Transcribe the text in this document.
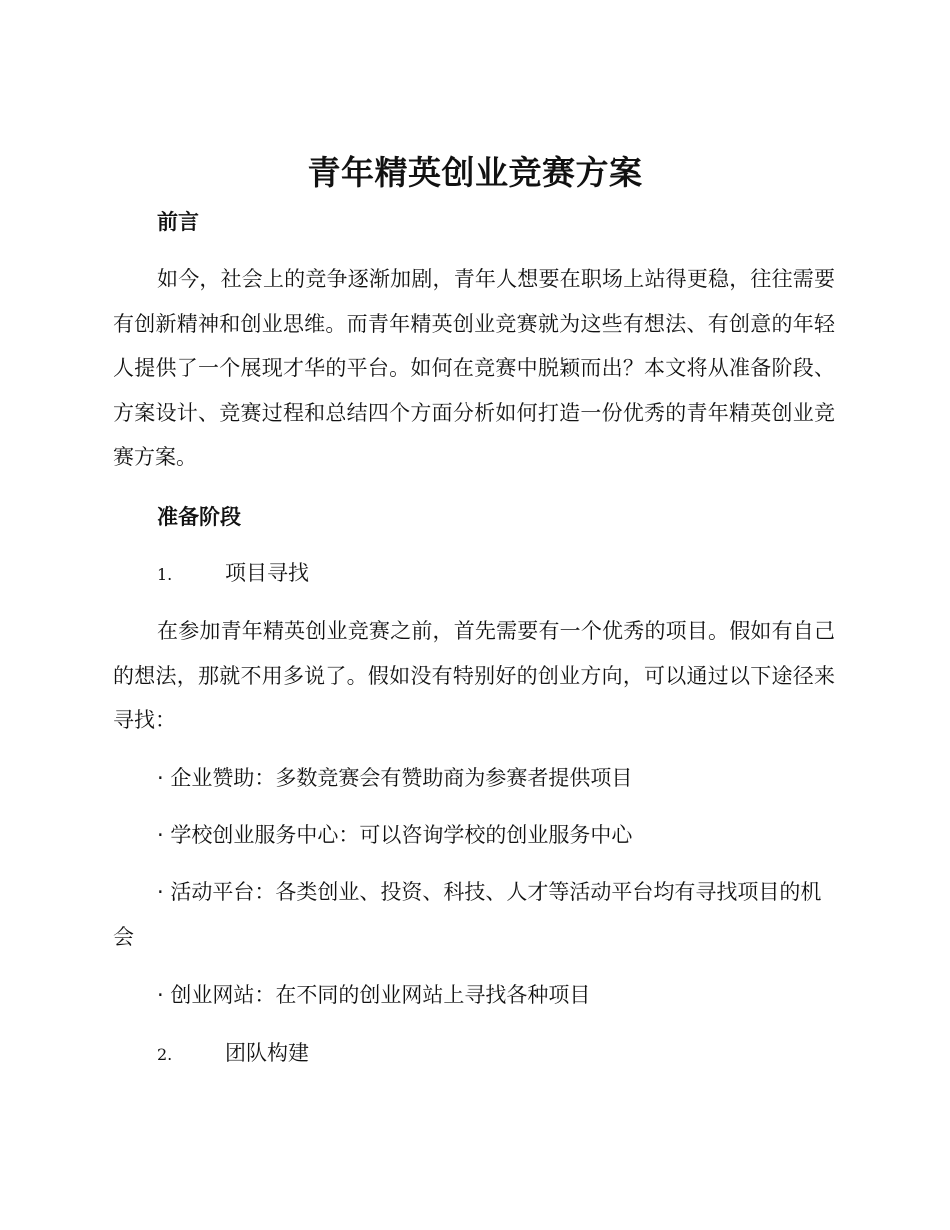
青年精英创业竞赛方案
前言
如今，社会上的竞争逐渐加剧，青年人想要在职场上站得更稳，往往需要有创新精神和创业思维。而青年精英创业竞赛就为这些有想法、有创意的年轻人提供了一个展现才华的平台。如何在竞赛中脱颖而出？本文将从准备阶段、方案设计、竞赛过程和总结四个方面分析如何打造一份优秀的青年精英创业竞赛方案。
准备阶段
1.	项目寻找
在参加青年精英创业竞赛之前，首先需要有一个优秀的项目。假如有自己的想法，那就不用多说了。假如没有特别好的创业方向，可以通过以下途径来寻找：
· 企业赞助：多数竞赛会有赞助商为参赛者提供项目
· 学校创业服务中心：可以咨询学校的创业服务中心
· 活动平台：各类创业、投资、科技、人才等活动平台均有寻找项目的机会
· 创业网站：在不同的创业网站上寻找各种项目
2.	团队构建
